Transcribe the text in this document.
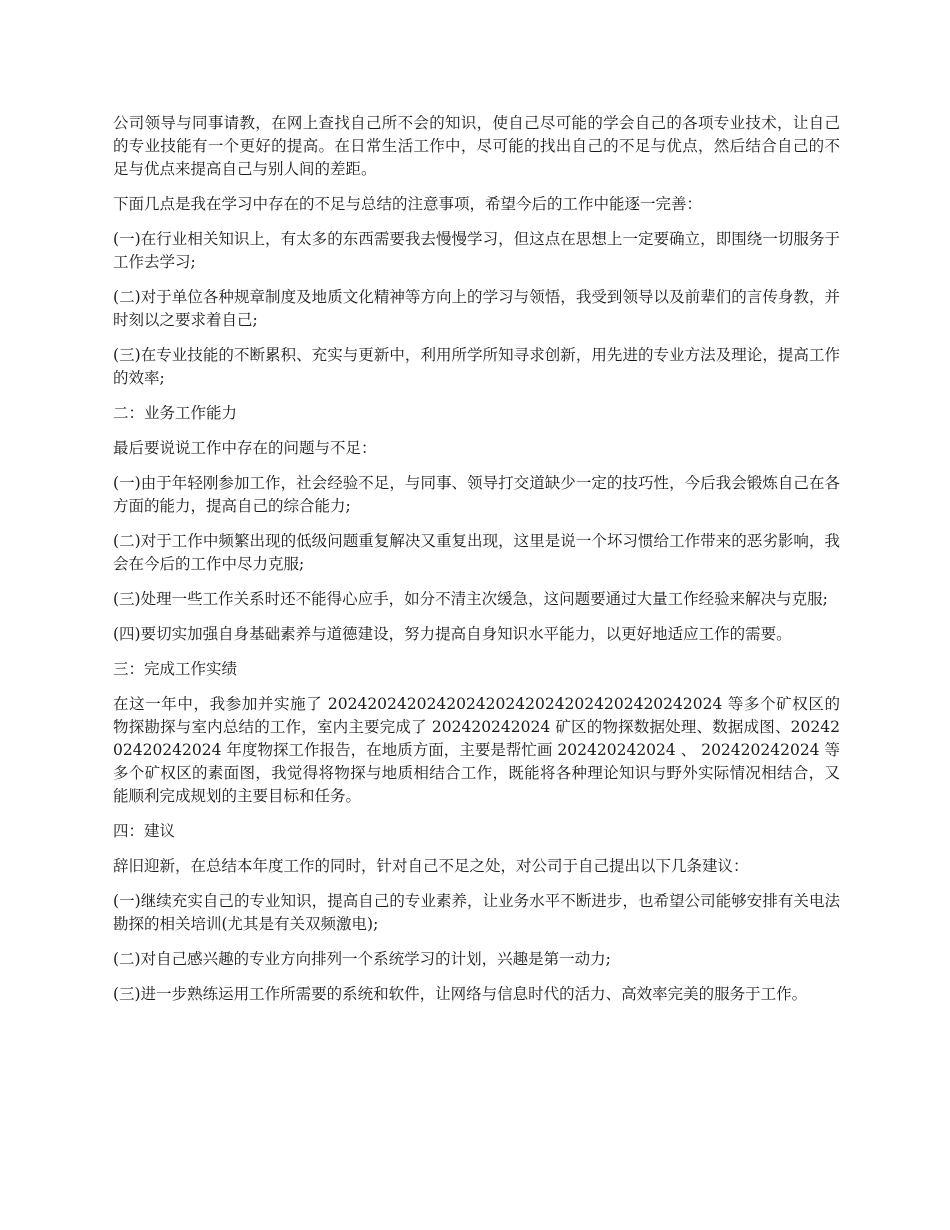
公司领导与同事请教，在网上查找自己所不会的知识，使自己尽可能的学会自己的各项专业技术，让自己的专业技能有一个更好的提高。在日常生活工作中，尽可能的找出自己的不足与优点，然后结合自己的不足与优点来提高自己与别人间的差距。

下面几点是我在学习中存在的不足与总结的注意事项，希望今后的工作中能逐一完善：

(一)在行业相关知识上，有太多的东西需要我去慢慢学习，但这点在思想上一定要确立，即围绕一切服务于工作去学习;

(二)对于单位各种规章制度及地质文化精神等方向上的学习与领悟，我受到领导以及前辈们的言传身教，并时刻以之要求着自己;

(三)在专业技能的不断累积、充实与更新中，利用所学所知寻求创新，用先进的专业方法及理论，提高工作的效率;

二：业务工作能力

最后要说说工作中存在的问题与不足：

(一)由于年轻刚参加工作，社会经验不足，与同事、领导打交道缺少一定的技巧性，今后我会锻炼自己在各方面的能力，提高自己的综合能力;

(二)对于工作中频繁出现的低级问题重复解决又重复出现，这里是说一个坏习惯给工作带来的恶劣影响，我会在今后的工作中尽力克服;

(三)处理一些工作关系时还不能得心应手，如分不清主次缓急，这问题要通过大量工作经验来解决与克服;

(四)要切实加强自身基础素养与道德建设，努力提高自身知识水平能力，以更好地适应工作的需要。

三：完成工作实绩

在这一年中，我参加并实施了 2024202420242024202420242024202420242024 等多个矿权区的物探勘探与室内总结的工作，室内主要完成了 202420242024 矿区的物探数据处理、数据成图、2024202420242024 年度物探工作报告，在地质方面，主要是帮忙画 202420242024 、 202420242024 等多个矿权区的素面图，我觉得将物探与地质相结合工作，既能将各种理论知识与野外实际情况相结合，又能顺利完成规划的主要目标和任务。

四：建议

辞旧迎新，在总结本年度工作的同时，针对自己不足之处，对公司于自己提出以下几条建议：

(一)继续充实自己的专业知识，提高自己的专业素养，让业务水平不断进步，也希望公司能够安排有关电法勘探的相关培训(尤其是有关双频激电);

(二)对自己感兴趣的专业方向排列一个系统学习的计划，兴趣是第一动力;

(三)进一步熟练运用工作所需要的系统和软件，让网络与信息时代的活力、高效率完美的服务于工作。
